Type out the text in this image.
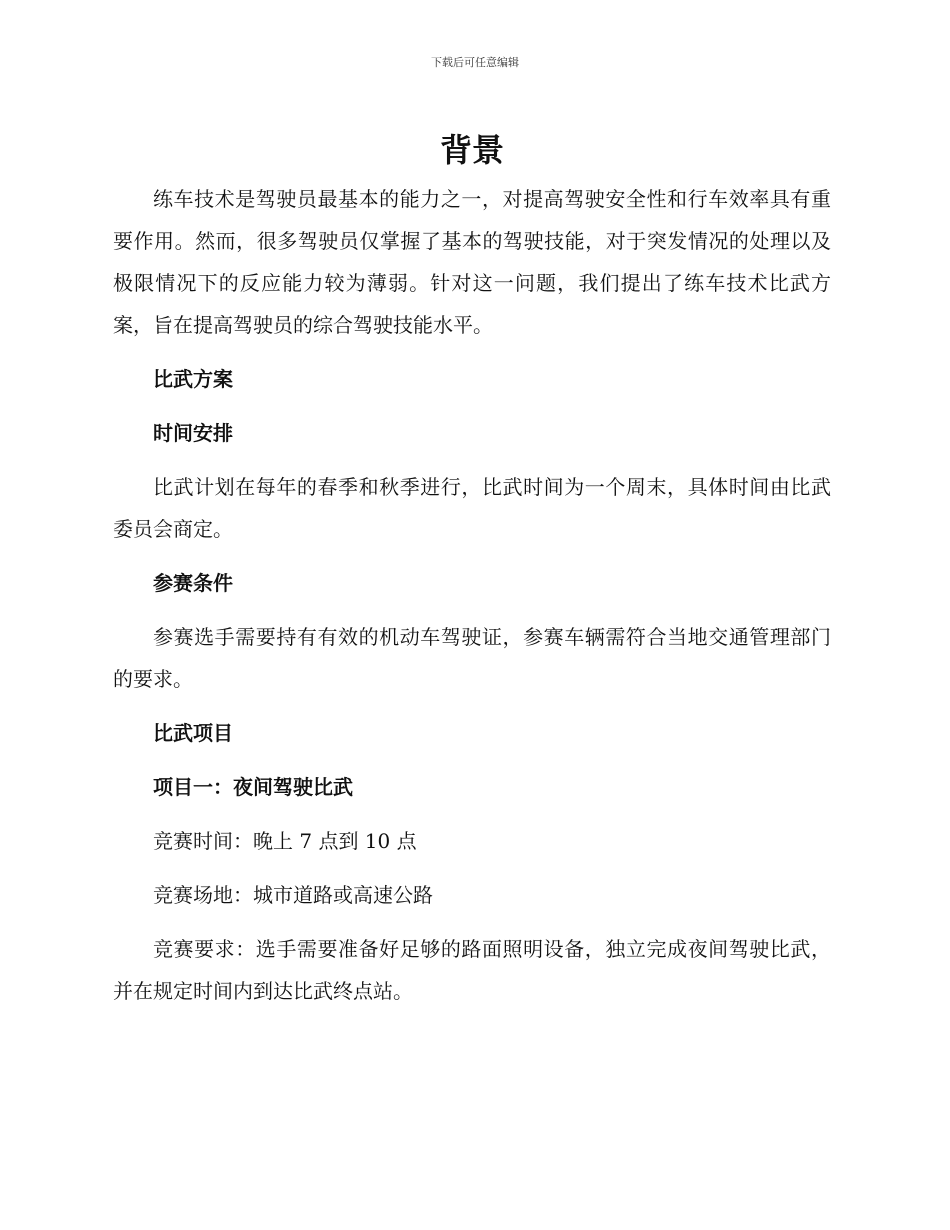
下载后可任意编辑
背景

练车技术是驾驶员最基本的能力之一，对提高驾驶安全性和行车效率具有重要作用。然而，很多驾驶员仅掌握了基本的驾驶技能，对于突发情况的处理以及极限情况下的反应能力较为薄弱。针对这一问题，我们提出了练车技术比武方案，旨在提高驾驶员的综合驾驶技能水平。

比武方案

时间安排

比武计划在每年的春季和秋季进行，比武时间为一个周末，具体时间由比武委员会商定。

参赛条件

参赛选手需要持有有效的机动车驾驶证，参赛车辆需符合当地交通管理部门的要求。

比武项目

项目一：夜间驾驶比武

竞赛时间：晚上 7 点到 10 点

竞赛场地：城市道路或高速公路

竞赛要求：选手需要准备好足够的路面照明设备，独立完成夜间驾驶比武，并在规定时间内到达比武终点站。
